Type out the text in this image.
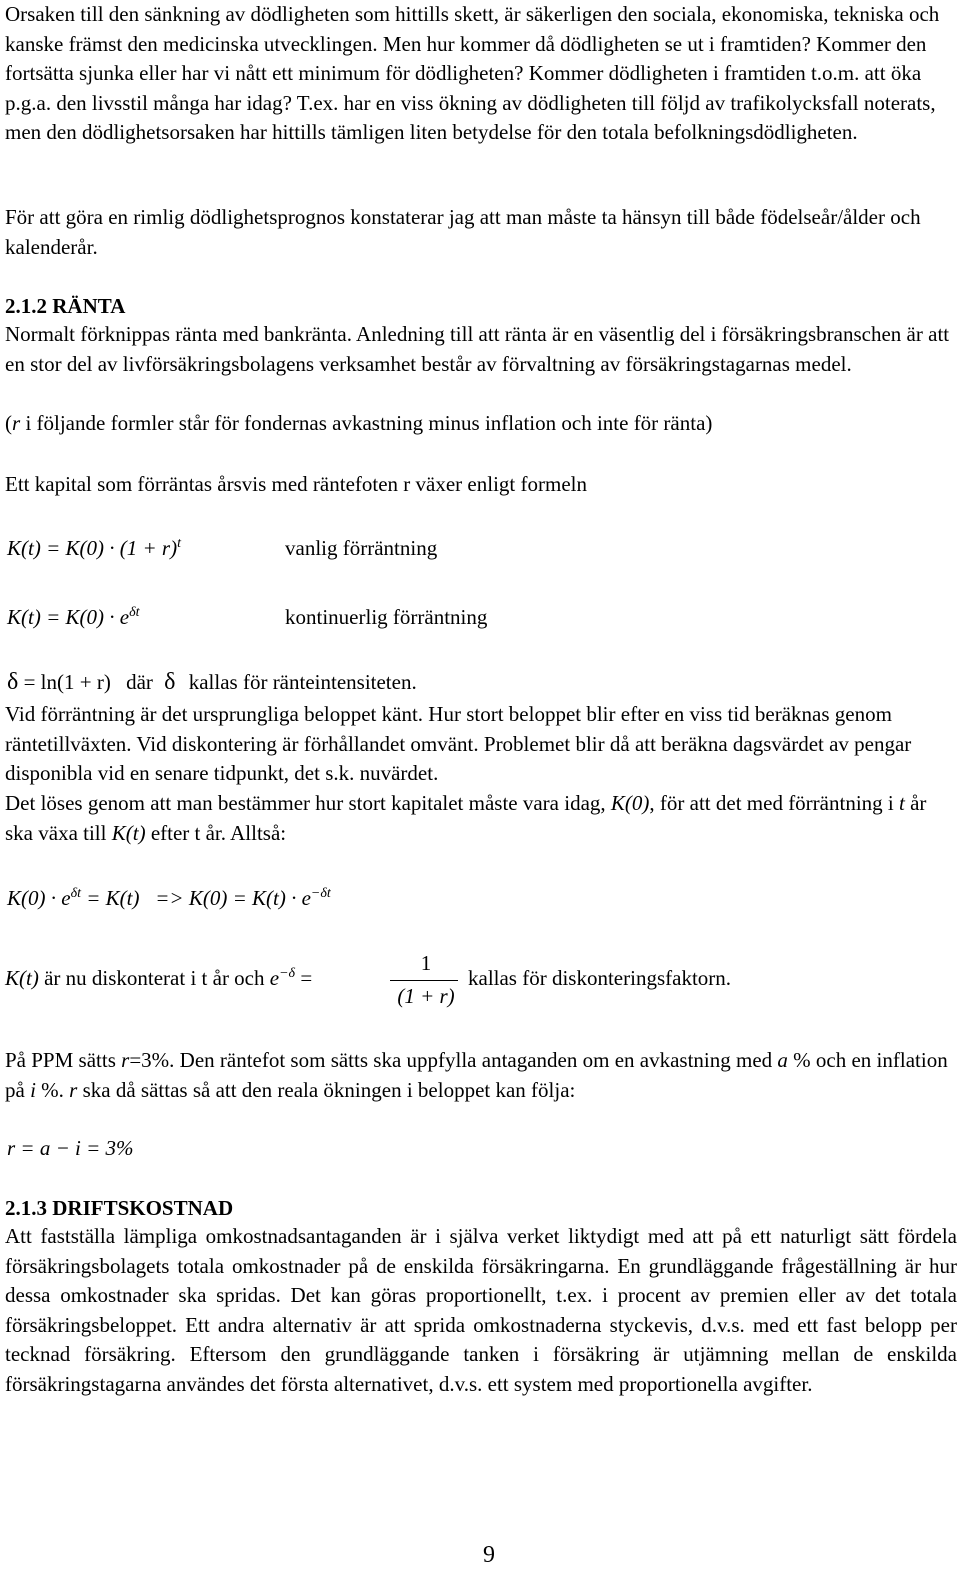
Orsaken till den sänkning av dödligheten som hittills skett, är säkerligen den sociala, ekonomiska, tekniska och kanske främst den medicinska utvecklingen. Men hur kommer då dödligheten se ut i framtiden? Kommer den fortsätta sjunka eller har vi nått ett minimum för dödligheten? Kommer dödligheten i framtiden t.o.m. att öka p.g.a. den livsstil många har idag? T.ex. har en viss ökning av dödligheten till följd av trafikolycksfall noterats, men den dödlighetsorsaken har hittills tämligen liten betydelse för den totala befolkningsdödligheten.

För att göra en rimlig dödlighetsprognos konstaterar jag att man måste ta hänsyn till både födelseår/ålder och kalenderår.

2.1.2 RÄNTA

Normalt förknippas ränta med bankränta. Anledning till att ränta är en väsentlig del i försäkringsbranschen är att en stor del av livförsäkringsbolagens verksamhet består av förvaltning av försäkringstagarnas medel.

(r i följande formler står för fondernas avkastning minus inflation och inte för ränta)

Ett kapital som förräntas årsvis med räntefoten r växer enligt formeln

$K(t) = K(0) \cdot (1 + r)^t$	vanlig förräntning
$K(t) = K(0) \cdot e^{\delta t}$	kontinuerlig förräntning
δ = ln(1 + r) där δ kallas för ränteintensiteten.

Vid förräntning är det ursprungliga beloppet känt. Hur stort beloppet blir efter en viss tid beräknas genom räntetillväxten. Vid diskontering är förhållandet omvänt. Problemet blir då att beräkna dagsvärdet av pengar disponibla vid en senare tidpunkt, det s.k. nuvärdet.

Det löses genom att man bestämmer hur stort kapitalet måste vara idag, K(0), för att det med förräntning i t år ska växa till K(t) efter t år. Alltså:

$K(0) \cdot e^{\delta t} = K(t) => K(0) = K(t) \cdot e^{-\delta t}$
K(t) är nu diskonterat i t år och $e^{-\delta}$ =
1
(1 + r)
kallas för diskonteringsfaktorn.

På PPM sätts r=3%. Den räntefot som sätts ska uppfylla antaganden om en avkastning med a % och en inflation på i %. r ska då sättas så att den reala ökningen i beloppet kan följa:

r = a − i = 3%

2.1.3 DRIFTSKOSTNAD

Att fastställa lämpliga omkostnadsantaganden är i själva verket liktydigt med att på ett naturligt sätt fördela försäkringsbolagets totala omkostnader på de enskilda försäkringarna. En grundläggande frågeställning är hur dessa omkostnader ska spridas. Det kan göras proportionellt, t.ex. i procent av premien eller av det totala försäkringsbeloppet. Ett andra alternativ är att sprida omkostnaderna styckevis, d.v.s. med ett fast belopp per tecknad försäkring. Eftersom den grundläggande tanken i försäkring är utjämning mellan de enskilda försäkringstagarna användes det första alternativet, d.v.s. ett system med proportionella avgifter.

9
